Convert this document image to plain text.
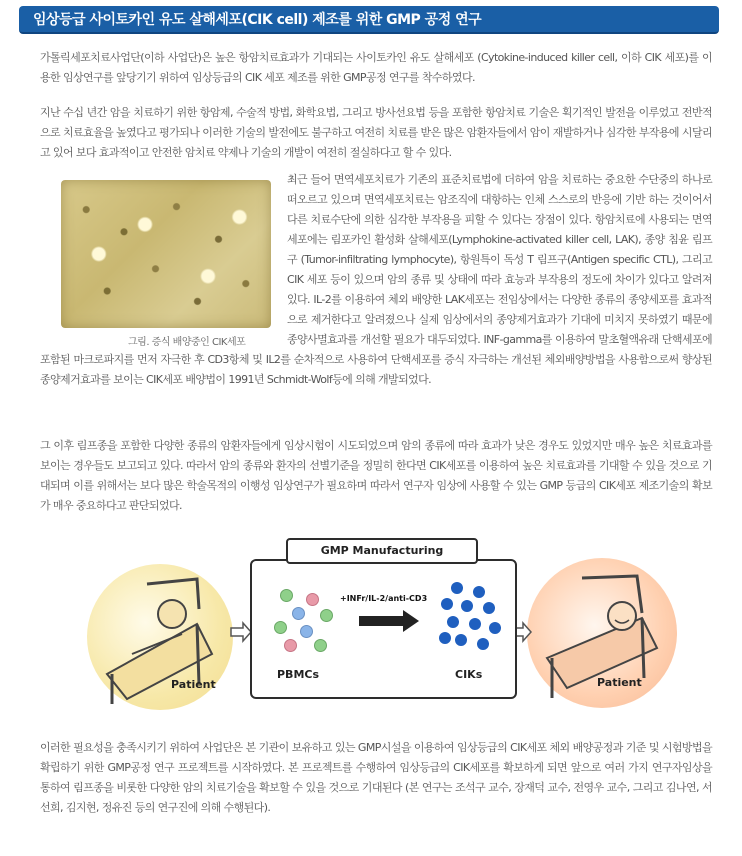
임상등급 사이토카인 유도 살해세포(CIK cell) 제조를 위한 GMP 공정 연구

가톨릭세포치료사업단(이하 사업단)은 높은 항암치료효과가 기대되는 사이토카인 유도 살해세포 (Cytokine-induced killer cell, 이하 CIK 세포)를 이용한 임상연구를 앞당기기 위하여 임상등급의 CIK 세포 제조를 위한 GMP공정 연구를 착수하였다.

지난 수십 년간 암을 치료하기 위한 항암제, 수술적 방법, 화학요법, 그리고 방사선요법 등을 포함한 항암치료 기술은 획기적인 발전을 이루었고 전반적으로 치료효율을 높였다고 평가되나 이러한 기술의 발전에도 불구하고 여전히 치료를 받은 많은 암환자들에서 암이 재발하거나 심각한 부작용에 시달리고 있어 보다 효과적이고 안전한 암치료 약제나 기술의 개발이 여전히 절실하다고 할 수 있다.

그림. 증식 배양중인 CIK세포

최근 들어 면역세포치료가 기존의 표준치료법에 더하여 암을 치료하는 중요한 수단중의 하나로 떠오르고 있으며 면역세포치료는 암조직에 대항하는 인체 스스로의 반응에 기반 하는 것이어서 다른 치료수단에 의한 심각한 부작용을 피할 수 있다는 장점이 있다. 항암치료에 사용되는 면역세포에는 림포카인 활성화 살해세포(Lymphokine-activated killer cell, LAK), 종양 침윤 림프구 (Tumor-infiltrating lymphocyte), 항원특이 독성 T 림프구(Antigen specific CTL), 그리고 CIK 세포 등이 있으며 암의 종류 및 상태에 따라 효능과 부작용의 정도에 차이가 있다고 알려져 있다. IL-2를 이용하여 체외 배양한 LAK세포는 전임상에서는 다양한 종류의 종양세포를 효과적으로 제거한다고 알려졌으나 실제 임상에서의 종양제거효과가 기대에 미치지 못하였기 때문에 종양사멸효과를 개선할 필요가 대두되었다. INF-gamma를 이용하여 말초혈액유래 단핵세포에 포함된 마크로파지를 먼저 자극한 후 CD3항체 및 IL2를 순차적으로 사용하여 단핵세포를 증식 자극하는 개선된 체외배양방법을 사용함으로써 향상된 종양제거효과를 보이는 CIK세포 배양법이 1991년 Schmidt-Wolf등에 의해 개발되었다.

그 이후 림프종을 포함한 다양한 종류의 암환자들에게 임상시험이 시도되었으며 암의 종류에 따라 효과가 낮은 경우도 있었지만 매우 높은 치료효과를 보이는 경우들도 보고되고 있다. 따라서 암의 종류와 환자의 선별기준을 정밀히 한다면 CIK세포를 이용하여 높은 치료효과를 기대할 수 있을 것으로 기대되며 이를 위해서는 보다 많은 학술목적의 이행성 임상연구가 필요하며 따라서 연구자 임상에 사용할 수 있는 GMP 등급의 CIK세포 제조기술의 확보가 매우 중요하다고 판단되었다.

Patient	Patient
GMP Manufacturing
PBMCs
+INFr/IL-2/anti-CD3
CIKs

이러한 필요성을 충족시키기 위하여 사업단은 본 기관이 보유하고 있는 GMP시설을 이용하여 임상등급의 CIK세포 체외 배양공정과 기준 및 시험방법을 확립하기 위한 GMP공정 연구 프로젝트를 시작하였다. 본 프로젝트를 수행하여 임상등급의 CIK세포를 확보하게 되면 앞으로 여러 가지 연구자임상을 통하여 림프종을 비롯한 다양한 암의 치료기술을 확보할 수 있을 것으로 기대된다 (본 연구는 조석구 교수, 장재덕 교수, 전영우 교수, 그리고 김나연, 서선희, 김지현, 정유진 등의 연구진에 의해 수행된다).
